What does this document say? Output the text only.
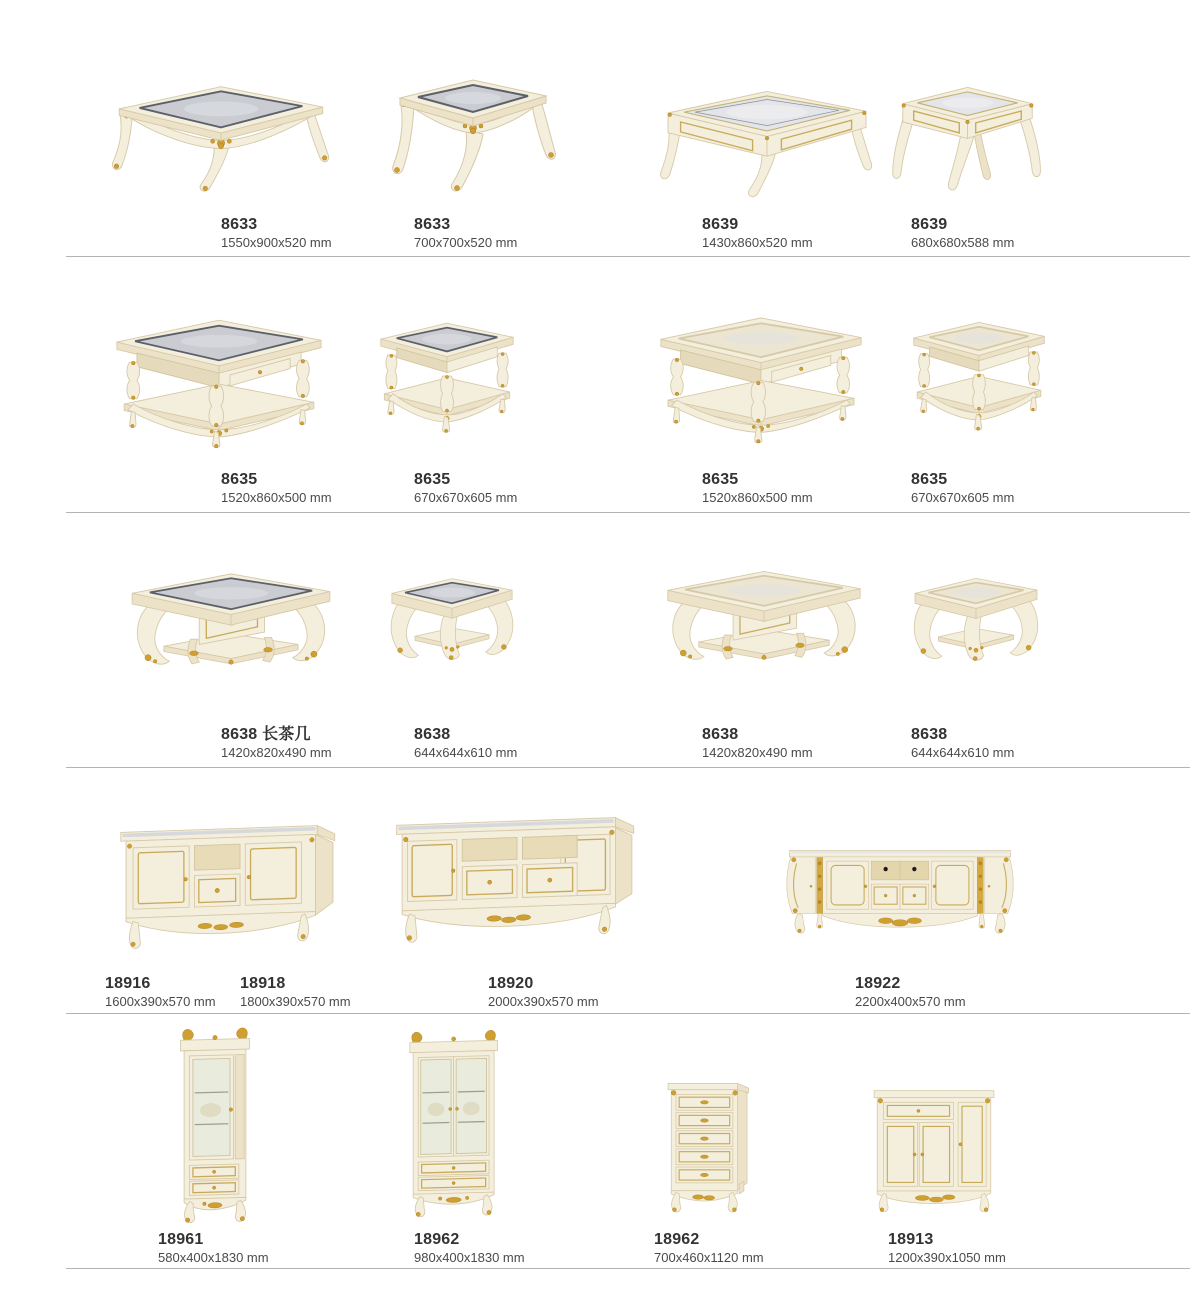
8633
1550x900x520 mm
8633
700x700x520 mm
8639
1430x860x520 mm
8639
680x680x588 mm
8635
1520x860x500 mm
8635
670x670x605 mm
8635
1520x860x500 mm
8635
670x670x605 mm
8638 长茶几
1420x820x490 mm
8638
644x644x610 mm
8638
1420x820x490 mm
8638
644x644x610 mm
18916
1600x390x570 mm
18918
1800x390x570 mm
18920
2000x390x570 mm
18922
2200x400x570 mm
18961
580x400x1830 mm
18962
980x400x1830 mm
18962
700x460x1120 mm
18913
1200x390x1050 mm
